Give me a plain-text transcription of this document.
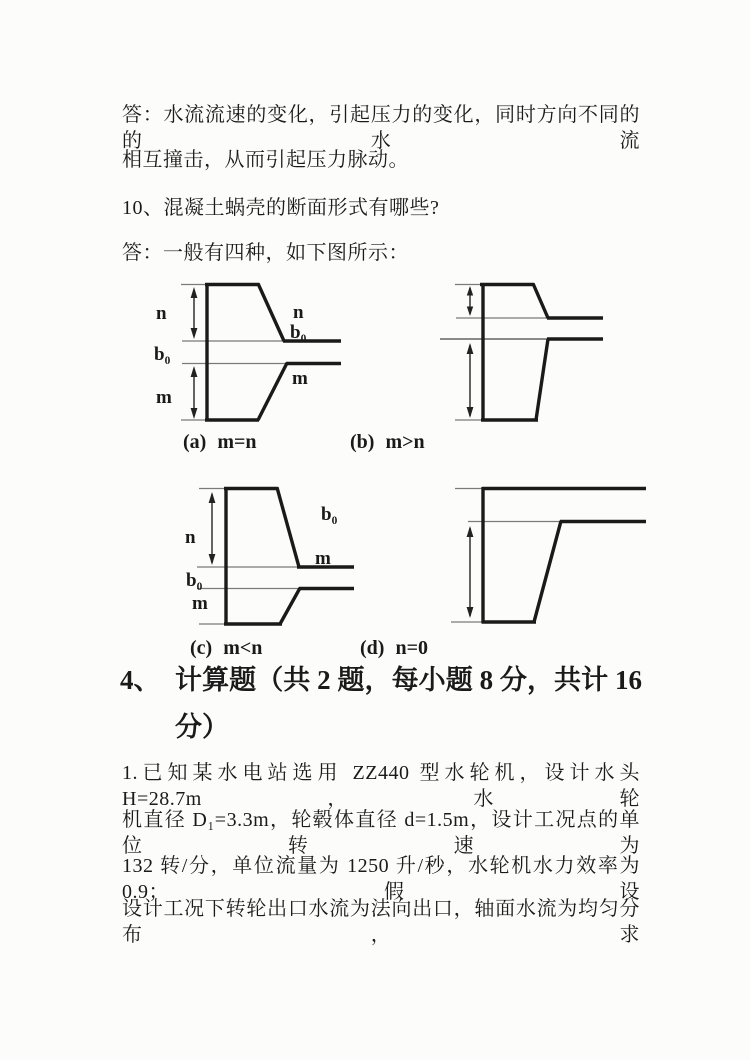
答：水流流速的变化，引起压力的变化，同时方向不同的的水流
相互撞击，从而引起压力脉动。
10、混凝土蜗壳的断面形式有哪些?
答：一般有四种，如下图所示：
n	n
b₀
b₀
m
m
n
b₀
m
b₀
m
(a) m=n	(b) m>n
(c) m<n	(d) n=0
4、 计算题（共 2 题，每小题 8 分，共计 16
分）
1.已知某水电站选用 ZZ440 型水轮机，设计水头 H=28.7m，水轮
机直径 D₁=3.3m，轮毂体直径 d=1.5m，设计工况点的单位转速为
132 转/分，单位流量为 1250 升/秒，水轮机水力效率为 0.9；假设
设计工况下转轮出口水流为法向出口，轴面水流为均匀分布，求
